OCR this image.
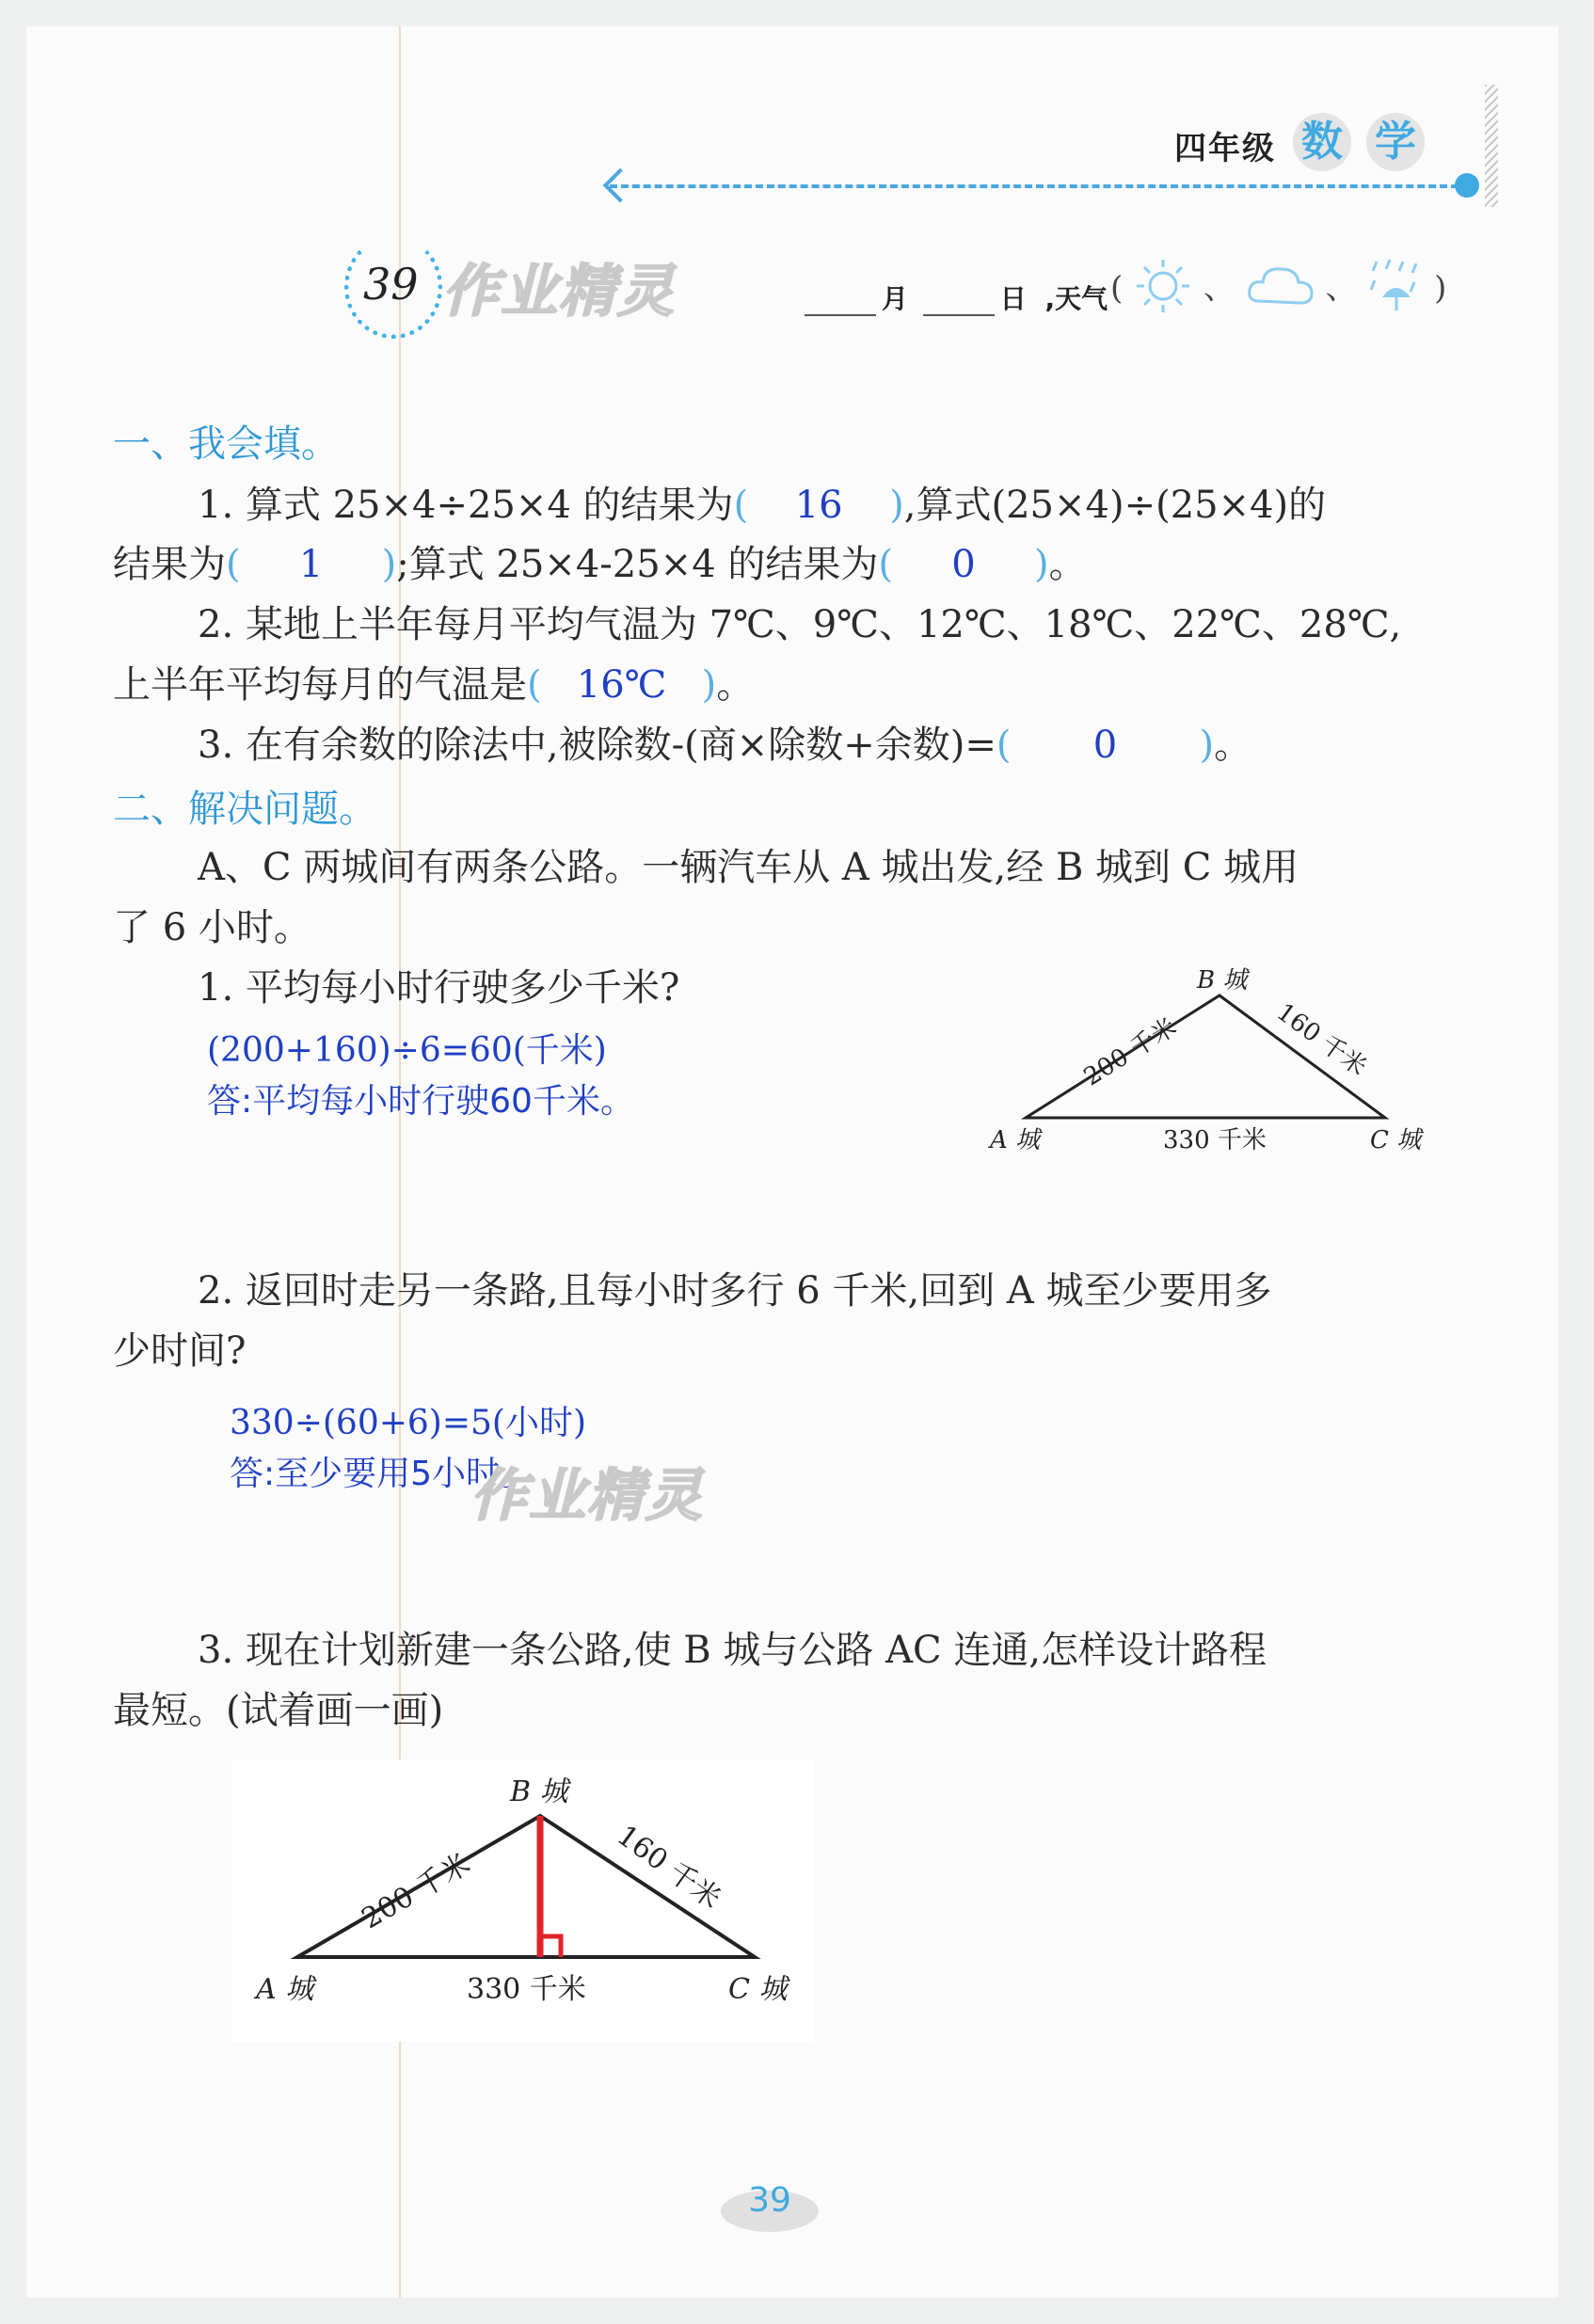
四年级 数 学
39 作业精灵	月	日 ,天气 (	、	、 )
一、我会填。
1. 算式 25×4÷25×4 的结果为( 16 ),算式(25×4)÷(25×4)的
结果为( 1 );算式 25×4-25×4 的结果为( 0 )。
2. 某地上半年每月平均气温为 7℃、9℃、12℃、18℃、22℃、28℃,
上半年平均每月的气温是( 16℃ )。
3. 在有余数的除法中,被除数-(商×除数+余数)=( 0 )。
二、解决问题。
A、C 两城间有两条公路。一辆汽车从 A 城出发,经 B 城到 C 城用
了 6 小时。
1. 平均每小时行驶多少千米?
(200+160)÷6=60(千米)
答:平均每小时行驶60千米。
B 城
A 城	C 城
200 千米	160 千米
330 千米
2. 返回时走另一条路,且每小时多行 6 千米,回到 A 城至少要用多
少时间?
330÷(60+6)=5(小时)
答:至少要用5小时。
作业精灵
3. 现在计划新建一条公路,使 B 城与公路 AC 连通,怎样设计路程
最短。(试着画一画)
B 城
A 城	C 城
200 千米	160 千米
330 千米
39
